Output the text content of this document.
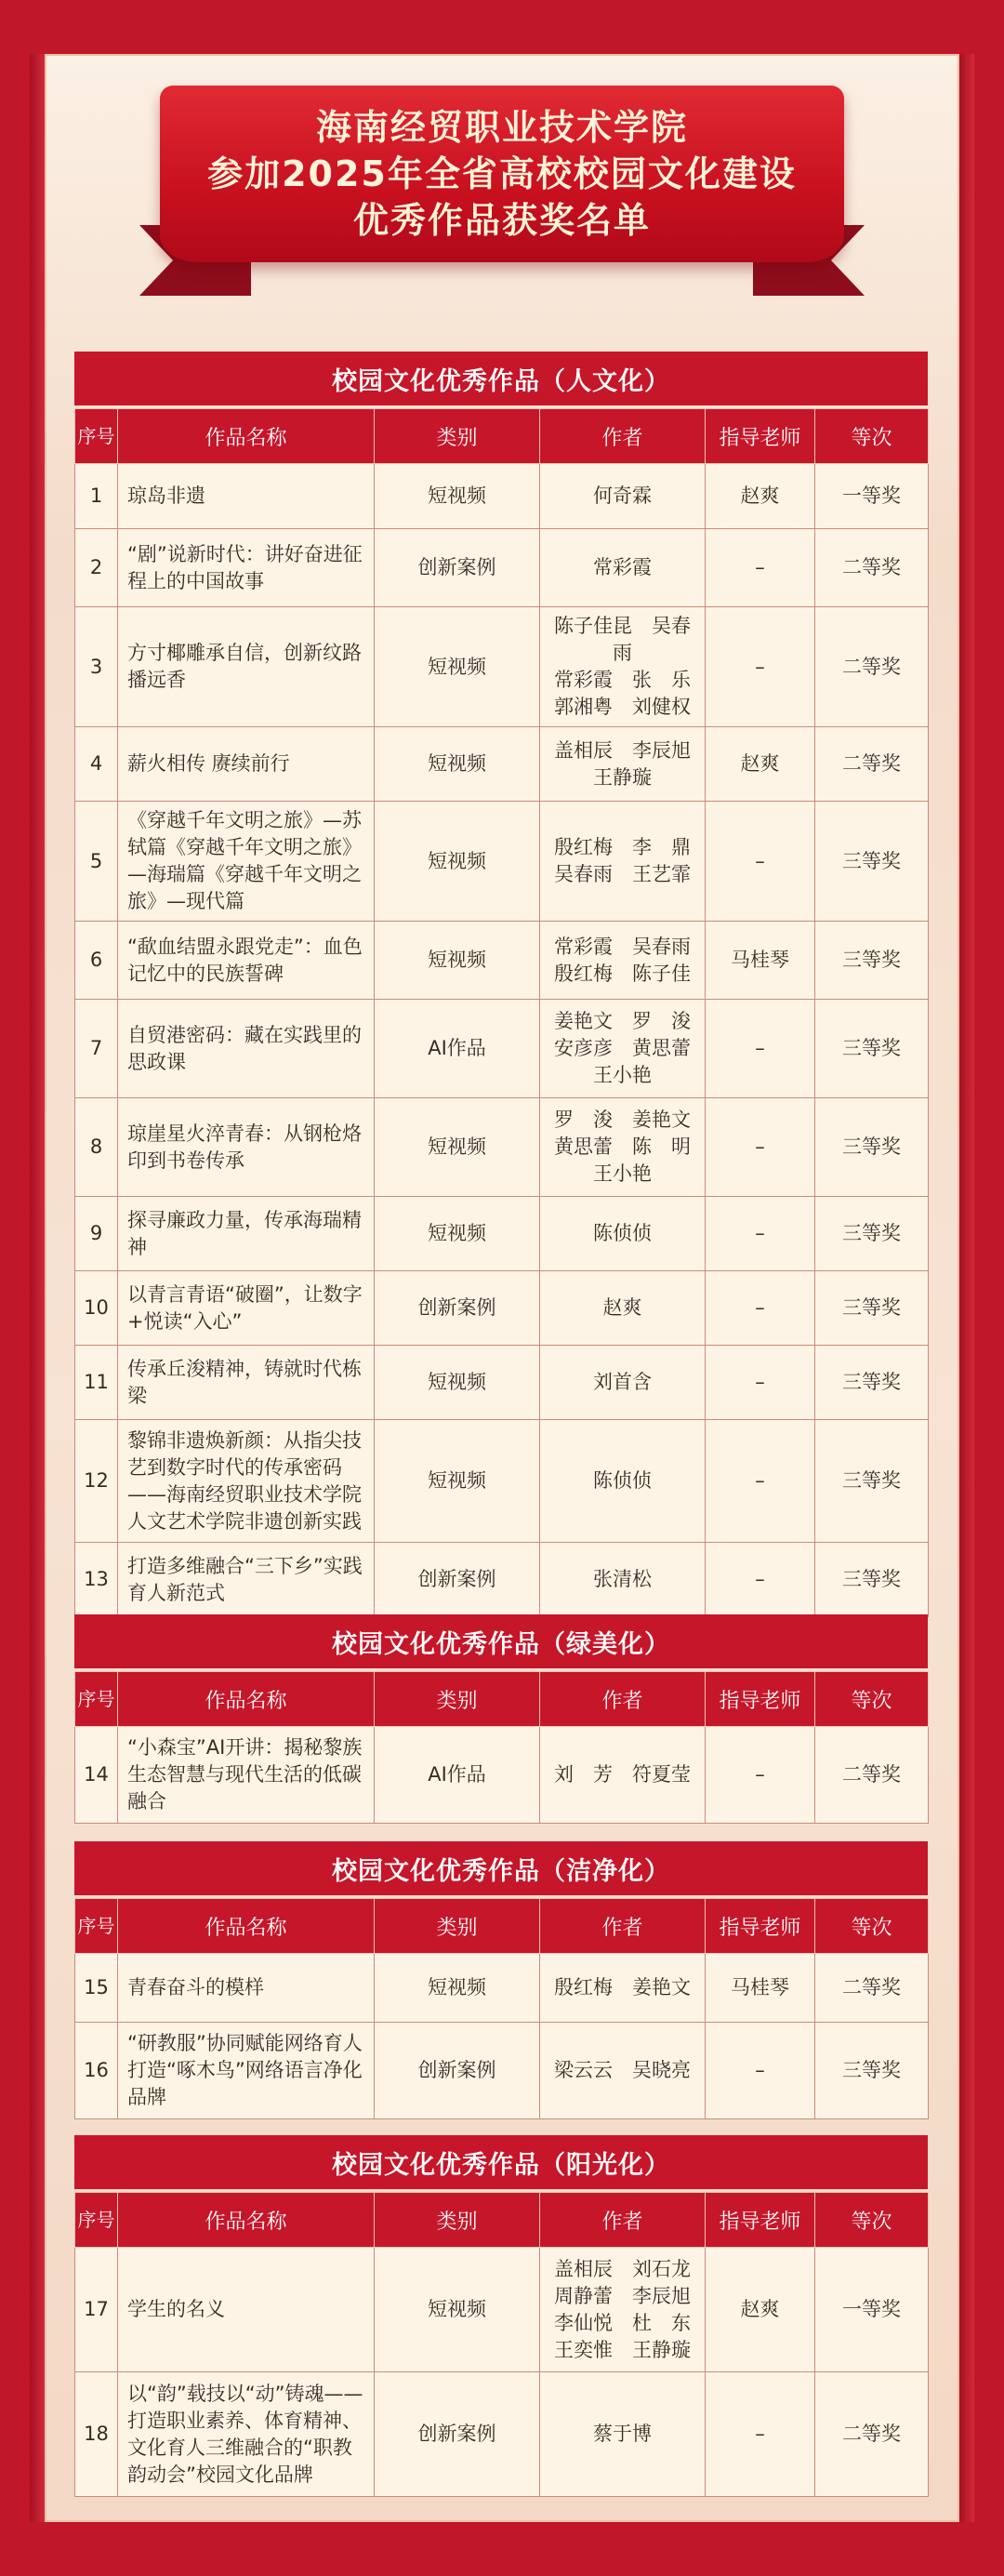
海南经贸职业技术学院
参加2025年全省高校校园文化建设
优秀作品获奖名单
校园文化优秀作品（人文化）
序号	作品名称	类别	作者	指导老师	等次
1	琼岛非遗	短视频	何奇霖	赵爽	一等奖
2	“剧”说新时代：讲好奋进征程上的中国故事	创新案例	常彩霞	–	二等奖
3	方寸椰雕承自信，创新纹路播远香	短视频	陈子佳昆　吴春雨
常彩霞　张　乐
郭湘粤　刘健权	–	二等奖
4	薪火相传 赓续前行	短视频	盖相辰　李辰旭
王静璇	赵爽	二等奖
5	《穿越千年文明之旅》—苏轼篇《穿越千年文明之旅》—海瑞篇《穿越千年文明之旅》—现代篇	短视频	殷红梅　李　鼎
吴春雨　王艺霏	–	三等奖
6	“歃血结盟永跟党走”：血色记忆中的民族誓碑	短视频	常彩霞　吴春雨
殷红梅　陈子佳	马桂琴	三等奖
7	自贸港密码：藏在实践里的思政课	AI作品	姜艳文　罗　浚
安彦彦　黄思蕾
王小艳	–	三等奖
8	琼崖星火淬青春：从钢枪烙印到书卷传承	短视频	罗　浚　姜艳文
黄思蕾　陈　明
王小艳	–	三等奖
9	探寻廉政力量，传承海瑞精神	短视频	陈侦侦	–	三等奖
10	以青言青语“破圈”，让数字+悦读“入心”	创新案例	赵爽	–	三等奖
11	传承丘浚精神，铸就时代栋梁	短视频	刘首含	–	三等奖
12	黎锦非遗焕新颜：从指尖技艺到数字时代的传承密码——海南经贸职业技术学院人文艺术学院非遗创新实践	短视频	陈侦侦	–	三等奖
13	打造多维融合“三下乡”实践育人新范式	创新案例	张清松	–	三等奖
校园文化优秀作品（绿美化）
序号	作品名称	类别	作者	指导老师	等次
14	“小森宝”AI开讲：揭秘黎族生态智慧与现代生活的低碳融合	AI作品	刘　芳　符夏莹	–	二等奖
校园文化优秀作品（洁净化）
序号	作品名称	类别	作者	指导老师	等次
15	青春奋斗的模样	短视频	殷红梅　姜艳文	马桂琴	二等奖
16	“研教服”协同赋能网络育人打造“啄木鸟”网络语言净化品牌	创新案例	梁云云　吴晓亮	–	三等奖
校园文化优秀作品（阳光化）
序号	作品名称	类别	作者	指导老师	等次
17	学生的名义	短视频	盖相辰　刘石龙
周静蕾　李辰旭
李仙悦　杜　东
王奕惟　王静璇	赵爽	一等奖
18	以“韵”载技以“动”铸魂——打造职业素养、体育精神、文化育人三维融合的“职教韵动会”校园文化品牌	创新案例	蔡于博	–	二等奖
